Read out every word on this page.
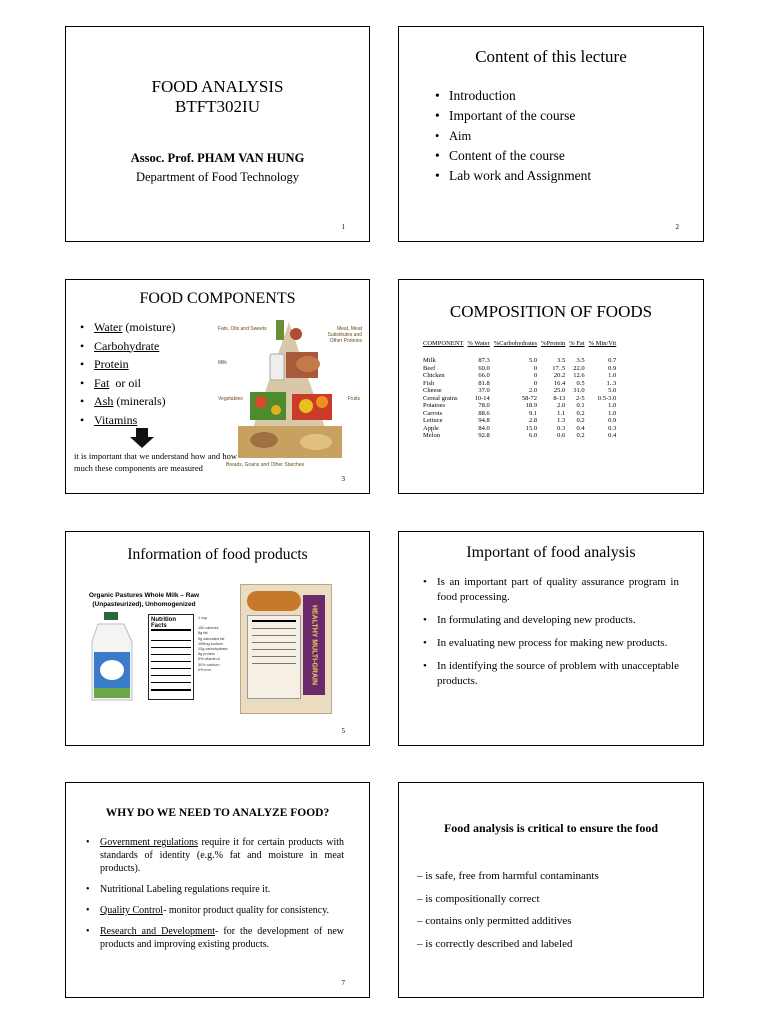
FOOD ANALYSIS
BTFT302IU
Assoc. Prof. PHAM VAN HUNG
Department of Food Technology
1
Content of this lecture
• Introduction
• Important of the course
• Aim
• Content of the course
• Lab work and Assignment
2
FOOD COMPONENTS
• Water (moisture)
• Carbohydrate
• Protein
• Fat  or oil
• Ash (minerals)
• Vitamins
it is important that we understand how and how much these components are measured
Fats, Oils and Sweets	Meat, Meat Substitutes and Other Proteins
Milk
Vegetables	Fruits
Breads, Grains and Other Starches
3
COMPOSITION OF FOODS
COMPONENT	% Water	%Carbohydrates	%Protein	% Fat	% Min/Vit
Milk	87.3	5.0	3.5	3.5	0.7
Beef	60.0	0	17..5	22.0	0.9
Chicken	66.0	0	20.2	12.6	1.0
Fish	81.8	0	16.4	0.5	1..3
Cheese	37.0	2.0	25.0	31.0	5.0
Cereal grains	10-14	58-72	8-13	2-5	0.5-3.0
Potatoes	78.0	18.9	2.0	0.1	1.0
Carrots	88.6	9.1	1.1	0.2	1.0
Lettuce	94.8	2.8	1.3	0.2	0.9
Apple	84.0	15.0	0.3	0.4	0.3
Melon	92.8	6.0	0.6	0.2	0.4
Information of food products
Organic Pastures Whole Milk – Raw (Unpasteurized), Unhomogenized
Nutrition Facts
1 cup
150 calories
8g fat
5g saturated fat
105mg sodium
12g carbohydrate
8g protein
6% vitamin A
30% calcium
0% iron	HEALTHY MULTI-GRAIN
5
Important of food analysis
• Is an important part of quality assurance program in food processing.
• In formulating and developing new products.
• In evaluating new process for making new products.
• In identifying the source of problem with unacceptable products.
WHY DO WE NEED TO ANALYZE FOOD?
• Government regulations require it for certain products with standards of identity (e.g.% fat and moisture in meat products).
• Nutritional Labeling regulations require it.
• Quality Control- monitor product quality for consistency.
• Research and Development- for the development of new products and improving existing products.
7
Food analysis is critical to ensure the food
– is safe, free from harmful contaminants
– is compositionally correct
– contains only permitted additives
– is correctly described and labeled
